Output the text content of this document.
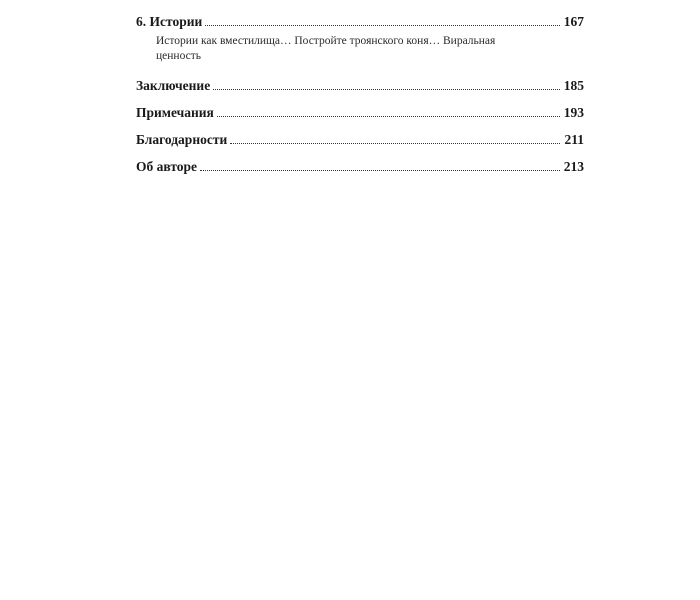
6. Истории	167
Истории как вместилища… Постройте троянского коня… Виральная ценность
Заключение	185
Примечания	193
Благодарности	211
Об авторе	213
